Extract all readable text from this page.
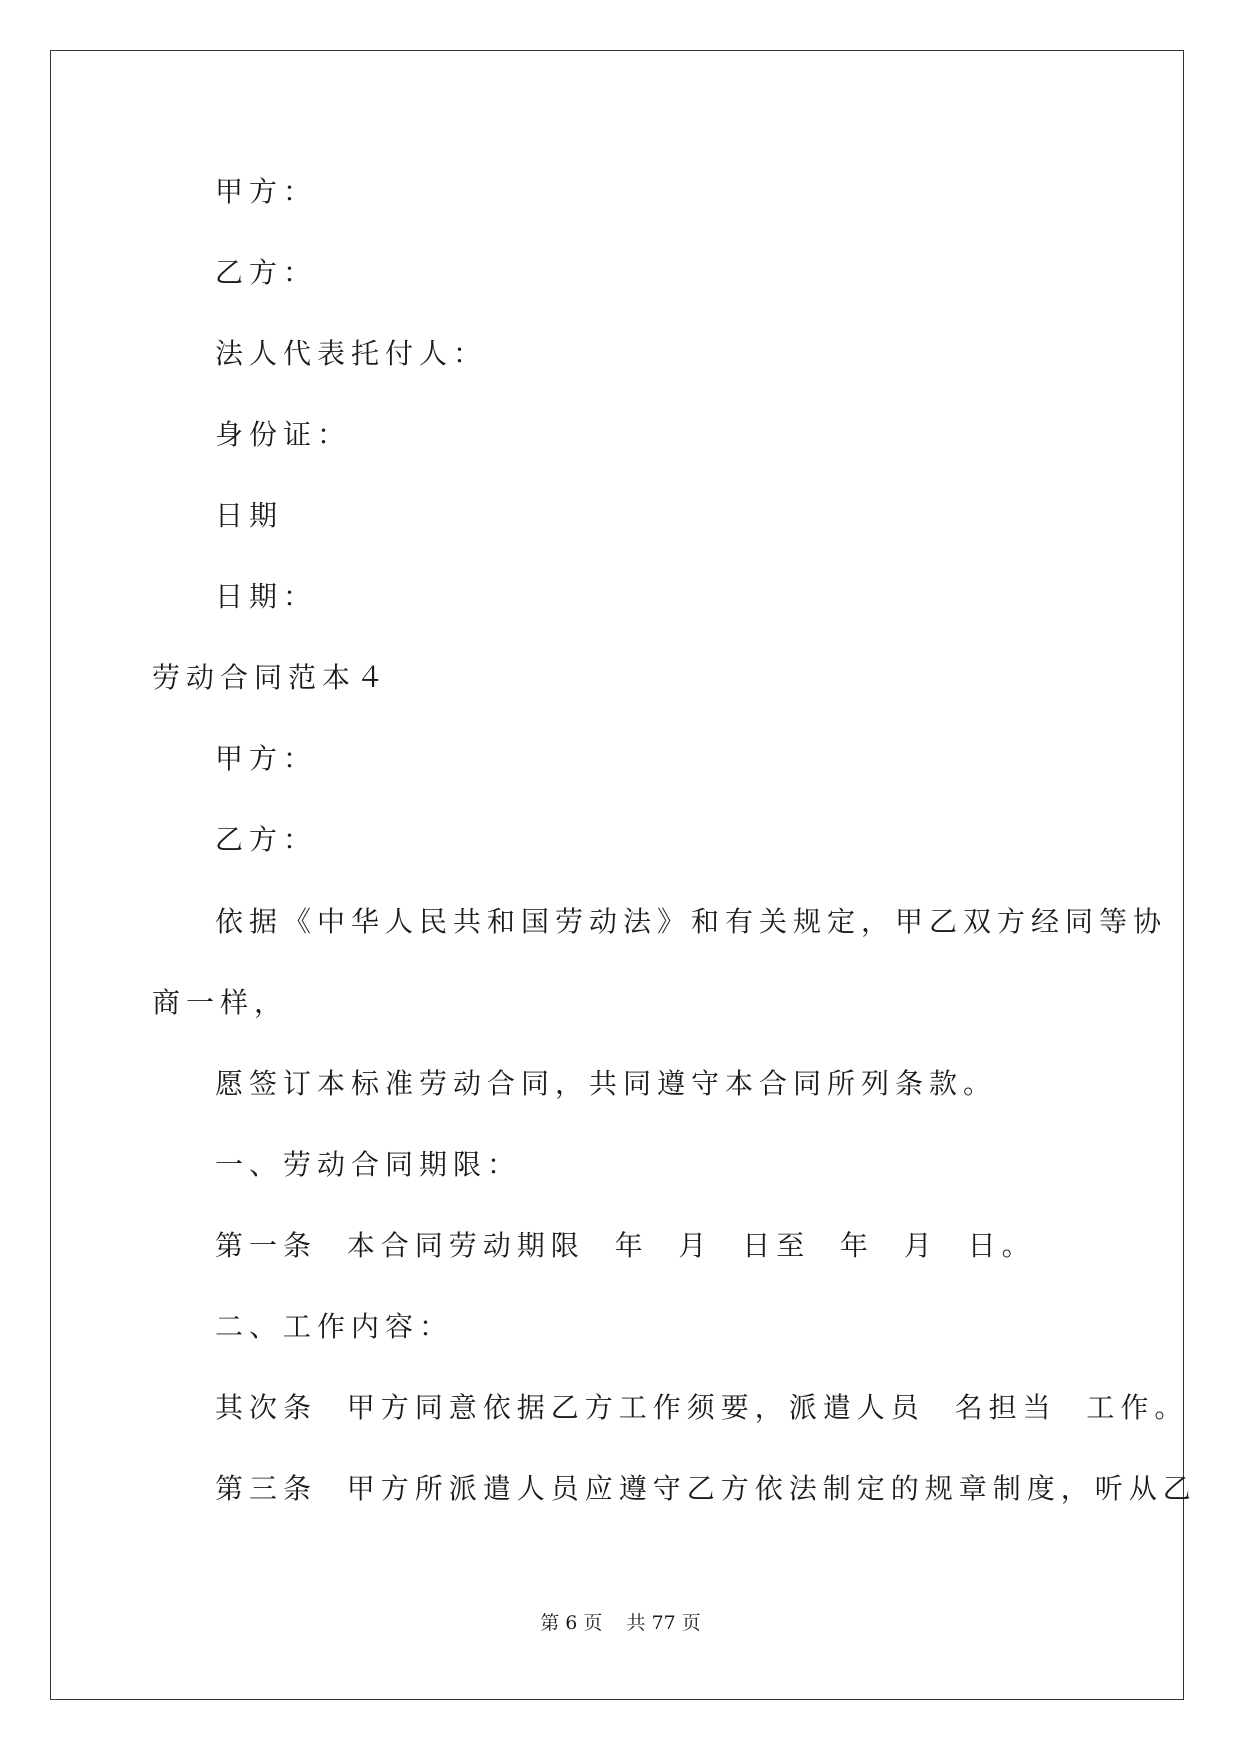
甲方：
乙方：
法人代表托付人：
身份证：
日期
日期：
劳动合同范本４
甲方：
乙方：
依据《中华人民共和国劳动法》和有关规定，甲乙双方经同等协
商一样，
愿签订本标准劳动合同，共同遵守本合同所列条款。
一、劳动合同期限：
第一条  本合同劳动期限  年  月  日至  年  月  日。
二、工作内容：
其次条  甲方同意依据乙方工作须要，派遣人员  名担当  工作。
第三条  甲方所派遣人员应遵守乙方依法制定的规章制度，听从乙
第 6 页    共 77 页
